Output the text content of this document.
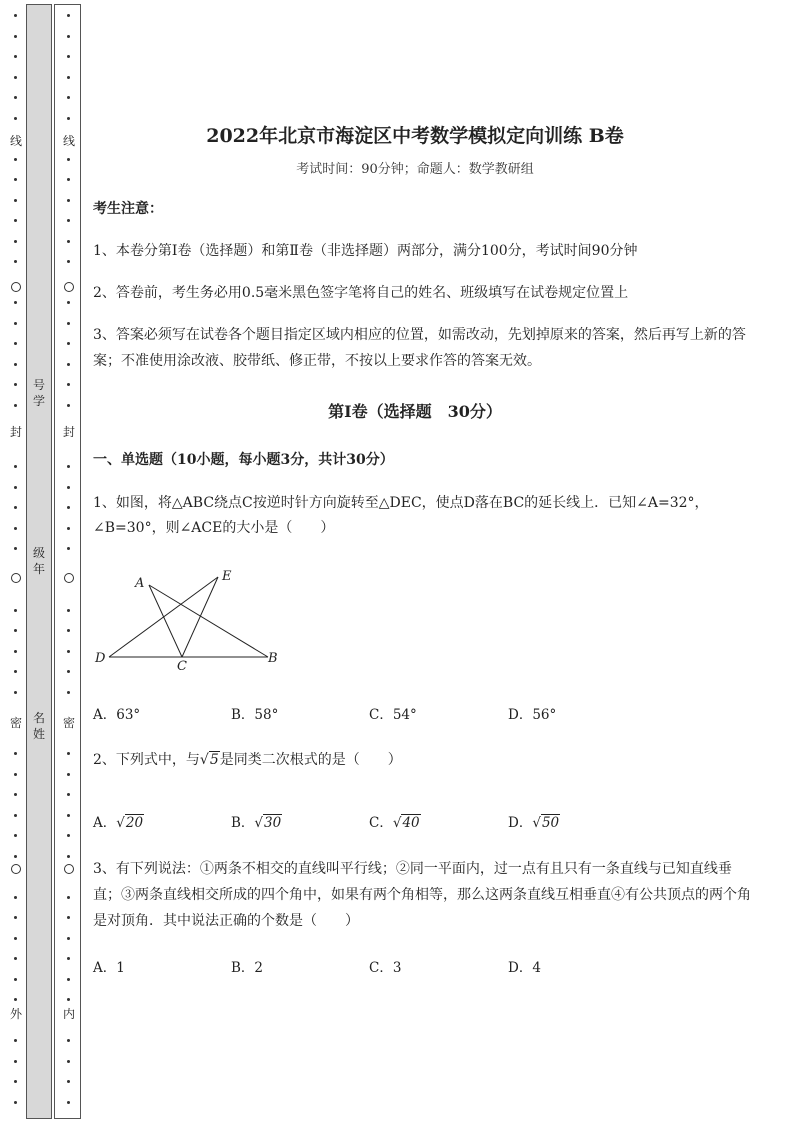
线
封
密
外
线
封
密
内
号
学
级
年
名
姓
2022年北京市海淀区中考数学模拟定向训练 B卷
考试时间：90分钟；命题人：数学教研组
考生注意：
1、本卷分第Ⅰ卷（选择题）和第Ⅱ卷（非选择题）两部分，满分100分，考试时间90分钟
2、答卷前，考生务必用0.5毫米黑色签字笔将自己的姓名、班级填写在试卷规定位置上
3、答案必须写在试卷各个题目指定区域内相应的位置，如需改动，先划掉原来的答案，然后再写上新的答案；不准使用涂改液、胶带纸、修正带，不按以上要求作答的答案无效。
第Ⅰ卷（选择题　30分）
一、单选题（10小题，每小题3分，共计30分）
1、如图，将△ABC绕点C按逆时针方向旋转至△DEC，使点D落在BC的延长线上．已知∠A=32°，
∠B=30°，则∠ACE的大小是（　　）
A	E
D
C
B
A．63°	B．58°	C．54°	D．56°
2、下列式中，与√5是同类二次根式的是（　　）
A．√20	B．√30	C．√40	D．√50
3、有下列说法：①两条不相交的直线叫平行线；②同一平面内，过一点有且只有一条直线与已知直线垂直；③两条直线相交所成的四个角中，如果有两个角相等，那么这两条直线互相垂直④有公共顶点的两个角是对顶角．其中说法正确的个数是（　　）
A．1	B．2	C．3	D．4
